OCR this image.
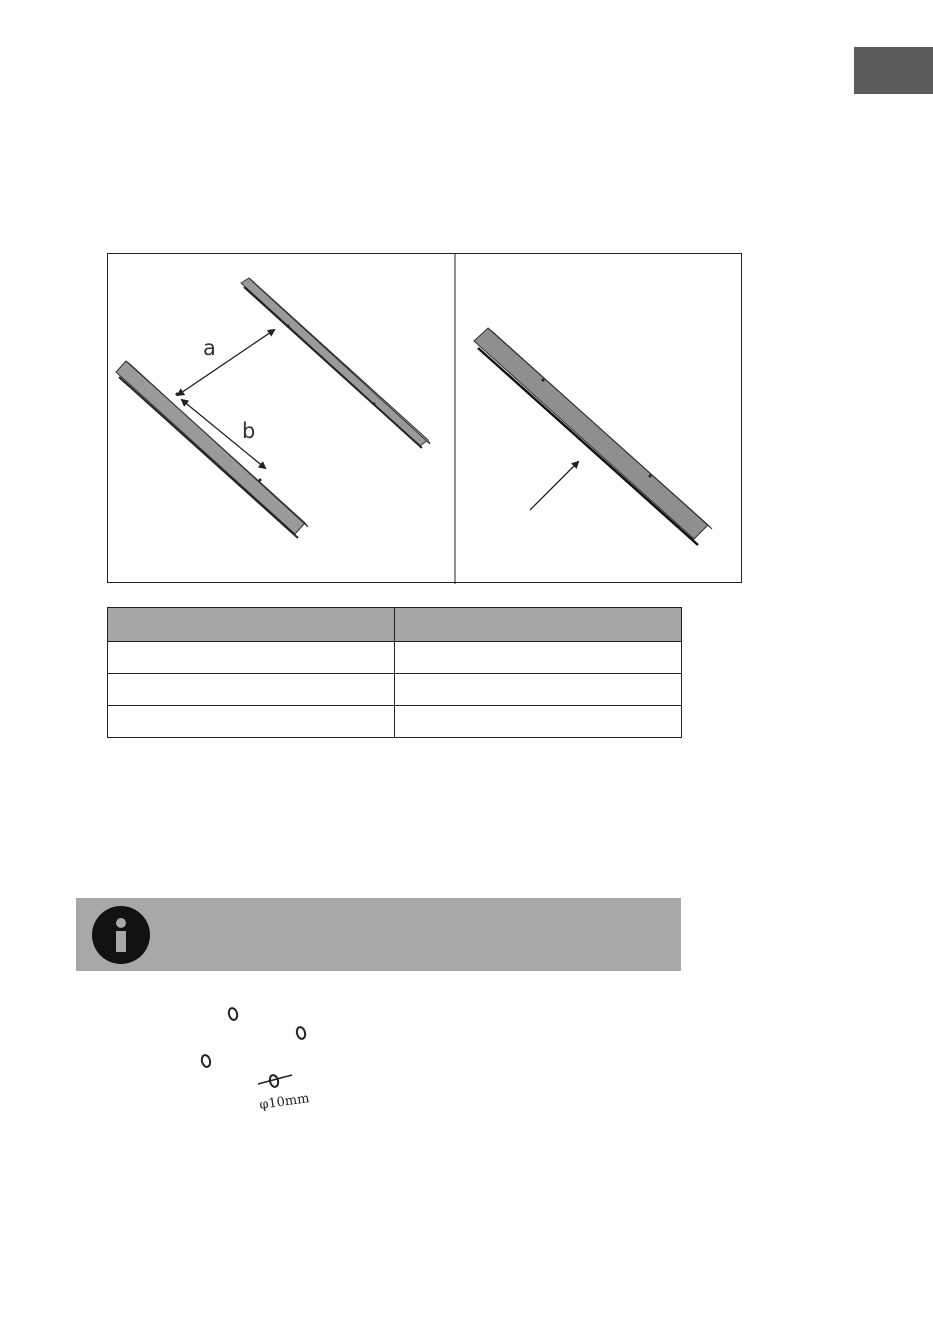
a
b

φ10mm
